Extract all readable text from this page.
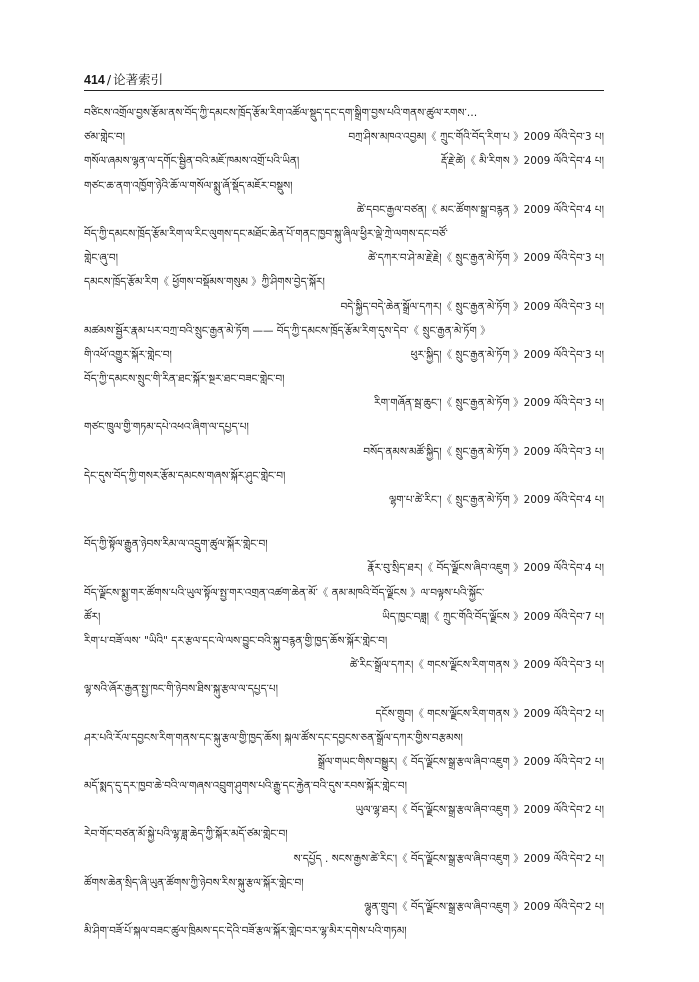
414 / 论著索引
བཙིངས་འགྲོལ་བྱས་རྩོམ་ནས་བོད་ཀྱི་དམངས་ཁྲོད་རྩོམ་རིག་འཚོལ་སྡུད་དང་དག་སྒྲིག་བྱས་པའི་གནས་ཚུལ་རགས་…
ཙམ་གླེང་བ།	བཀྲ་ཤིས་མཁའ་འབྱམ།《 ཀྲུང་གོའི་བོད་རིག་པ 》2009 ལོའི་དེབ་3 པ།
གསོལ་ཞམས་ལྷན་ལ་དགོང་སྦྱིན་བའི་མཇོ་ཁམས་འགྲོ་པའི་ཡིན།	རྡོ་རྗེ་ཚེ།《 མི་རིགས 》2009 ལོའི་དེབ་4 པ།
གཙང་ཆ་ནག་འཁྱོག་ཉེའི་ཆོ་ལ་གསོལ་སྨུ་ཞོ་སྡོད་མཇོར་བསྡུས།
ཚེ་དབང་རྒྱལ་བཙན།《 མང་ཚོགས་སྒྲ་བརྙན 》2009 ལོའི་དེབ་4 པ།
བོད་ཀྱི་དམངས་ཁྲོད་རྩོམ་རིག་ལ་རིང་ལུགས་དང་མཐོང་ཆེན་པོ་གནང་ཁྱབ་སྐུ་ཞིལ་ཕྱིར་ལྡེ་ཀྲེ་ལགས་དང་བཙོ་
གླེང་ཞུ་བ།	ཚེ་དཀར་བ་ཤེ་མ་རྗེ་རྗེ།《 སྲུང་རྒྱན་མེ་ཏོག 》2009 ལོའི་དེབ་3 པ།
དམངས་ཁྲོད་རྩོམ་རིག《 ཕྱོགས་བསྡོམས་གསུམ 》ཀྱི་ཤིགས་བྱེད་སྐོར།
བདེ་སྐྱིད་བདེ་ཆེན་སྒྲོལ་དཀར།《 སྲུང་རྒྱན་མེ་ཏོག 》2009 ལོའི་དེབ་3 པ།
མཚམས་སྦྱོར་རྣམ་པར་བཀྲ་བའི་སྲུང་རྒྱན་མེ་ཏོག —— བོད་ཀྱི་དམངས་ཁྲོད་རྩོམ་རིག་དུས་དེབ་《 སྲུང་རྒྱན་མེ་ཏོག 》
གི་འཕོ་འགྱུར་སྐོར་གླེང་བ།	ཕུར་སྐྱིད།《 སྲུང་རྒྱན་མེ་ཏོག 》2009 ལོའི་དེབ་3 པ།
བོད་ཀྱི་དམངས་སྲུང་གི་རིན་ཐང་སྐོར་སྔར་ཐང་བཟང་གླེང་བ།
རིག་གཞོན་སྦ་ཆུང་།《 སྲུང་རྒྱན་མེ་ཏོག 》2009 ལོའི་དེབ་3 པ།
གཙང་ཁྲུལ་གྱི་གཏམ་དཔེ་འཕའ་ཞིག་ལ་དཔྱད་པ།
བསོད་ནམས་མཚོ་སྐྱིད།《 སྲུང་རྒྱན་མེ་ཏོག 》2009 ལོའི་དེབ་3 པ།
དེང་དུས་བོད་ཀྱི་གསར་རྩོམ་དམངས་གཞས་སྐོར་ཤུང་གླེང་བ།
ལྷག་པ་ཚེ་རིང་།《 སྲུང་རྒྱན་མེ་ཏོག 》2009 ལོའི་དེབ་4 པ།
བོད་ཀྱི་སྟོལ་རྒྱུན་ཉེབས་རིམ་ལ་འདྲུག་ཚུལ་སྐོར་གླེང་བ།
རྣོར་བུ་སྲིད་ཐར།《 བོད་ལྗོངས་ཞིབ་འཇུག 》2009 ལོའི་དེབ་4 པ།
བོད་ལྗོངས་སྨྱ་གར་ཚོགས་པའི་ཡུལ་སྟོལ་སྤྱ་གར་འགྲན་འཚག་ཆེན་མོ་《 ནམ་མཁའི་བོད་ལྗོངས 》ལ་བལྟས་པའི་སྐྱོང་
ཚོར།	ཡིད་ཁྱང་བཟླ།《 ཀྲུང་གོའི་བོད་ལྗོངས 》2009 ལོའི་དེབ་7 པ།
རིག་པ་བཟོ་ལས་ "ཡིའི" དར་རྩལ་དང་ལེ་ལས་བྱུང་བའི་སྐུ་བརྙན་གྱི་ཁྱད་ཆོས་སྐོར་གླེང་བ།
ཚེ་རིང་སྒྲོལ་དཀར།《 གངས་ལྗོངས་རིག་གནས 》2009 ལོའི་དེབ་3 པ།
ལྷ་སའི་ཞོར་རྒྱན་སྤྱ་ཁང་གི་ཉེབས་ཐིས་སྐུ་རྩལ་ལ་དཔྱད་པ།
དངོས་གྲུབ།《 གངས་ལྗོངས་རིག་གནས 》2009 ལོའི་དེབ་2 པ།
ཤར་པའི་རོལ་དབྱངས་རིག་གནས་དང་སྐུ་རྩལ་གྱི་ཁྱད་ཆོས། སྐལ་ཚོས་དང་དབྱངས་ཅན་སྒྲོལ་དཀར་གྱིས་བརྩམས།
སྒྲོལ་གཡང་གིས་བསྒྱུར།《 བོད་ལྗོངས་སྒྲ་རྩལ་ཞིབ་འཇུག 》2009 ལོའི་དེབ་2 པ།
མདོ་སྨད་དུ་དར་ཁྱབ་ཆེ་བའི་ལ་གཞས་འབྲུག་ཤུགས་པའི་རྒྱུ་དང་རྐྱེན་བའི་དུས་རབས་སྐོར་གླེང་བ།
ཡུལ་ལྷ་ཐར།《 བོད་ལྗོངས་སྒྲ་རྩལ་ཞིབ་འཇུག 》2009 ལོའི་དེབ་2 པ།
རེབ་གོང་བཙན་མོ་སྐྱེ་པའི་ལྷ་ཟླ་ཆེད་ཀྱི་སྐོར་མདོ་ཙམ་གླེང་བ།
ས་དཔྱོད . སངས་རྒྱས་ཚེ་རིང་།《 བོད་ལྗོངས་སྒྲ་རྩལ་ཞིབ་འཇུག 》2009 ལོའི་དེབ་2 པ།
ཚོགས་ཆེན་སྲིད་ཞི་ཡུན་ཚོགས་ཀྱི་ཉེབས་རིས་སྐུ་རྩལ་སྐོར་གླེང་བ།
ལྷུན་གྲུབ།《 བོད་ལྗོངས་སྒྲ་རྩལ་ཞིབ་འཇུག 》2009 ལོའི་དེབ་2 པ།
མི་ཤིག་བཟོ་པོ་སྐལ་བཟང་ཚུལ་ཁྲིམས་དང་དེའི་བཟོ་རྩལ་སྐོར་གླེང་བར་ལྷ་མིར་དགེས་པའི་གཏམ།
